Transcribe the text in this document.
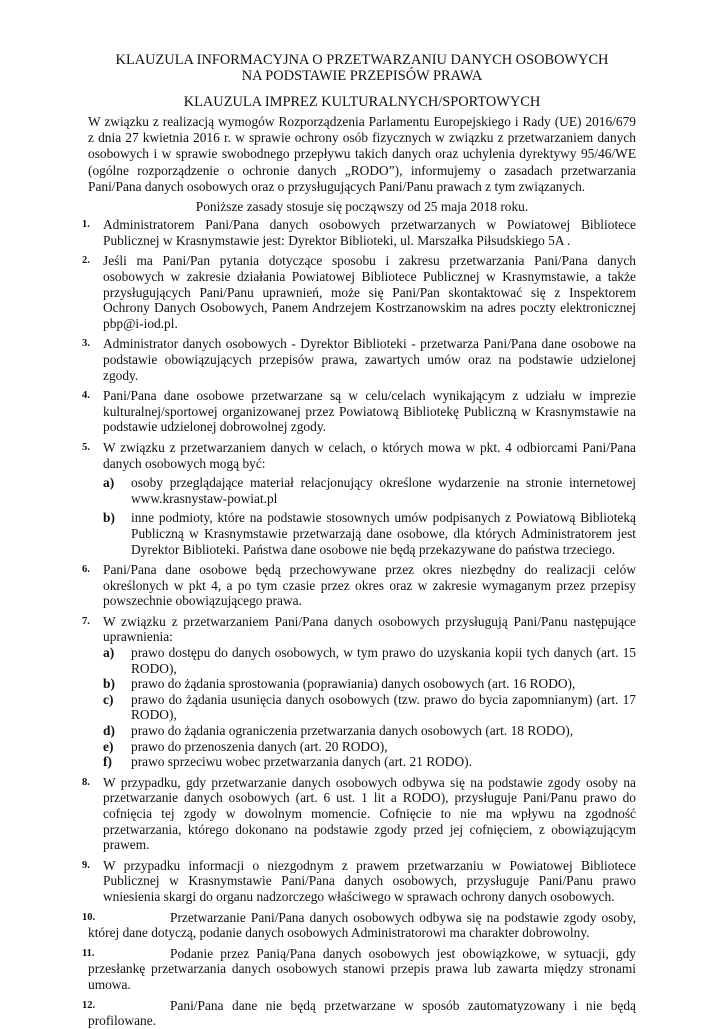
KLAUZULA INFORMACYJNA O PRZETWARZANIU DANYCH OSOBOWYCH
NA PODSTAWIE PRZEPISÓW PRAWA
KLAUZULA IMPREZ KULTURALNYCH/SPORTOWYCH

W związku z realizacją wymogów Rozporządzenia Parlamentu Europejskiego i Rady (UE) 2016/679 z dnia 27 kwietnia 2016 r. w sprawie ochrony osób fizycznych w związku z przetwarzaniem danych osobowych i w sprawie swobodnego przepływu takich danych oraz uchylenia dyrektywy 95/46/WE (ogólne rozporządzenie o ochronie danych „RODO”), informujemy o zasadach przetwarzania Pani/Pana danych osobowych oraz o przysługujących Pani/Panu prawach z tym związanych.

Poniższe zasady stosuje się począwszy od 25 maja 2018 roku.

1. Administratorem Pani/Pana danych osobowych przetwarzanych w Powiatowej Bibliotece Publicznej w Krasnymstawie jest: Dyrektor Biblioteki, ul. Marszałka Piłsudskiego 5A .
2. Jeśli ma Pani/Pan pytania dotyczące sposobu i zakresu przetwarzania Pani/Pana danych osobowych w zakresie działania Powiatowej Bibliotece Publicznej w Krasnymstawie, a także przysługujących Pani/Panu uprawnień, może się Pani/Pan skontaktować się z Inspektorem Ochrony Danych Osobowych, Panem Andrzejem Kostrzanowskim na adres poczty elektronicznej pbp@i-iod.pl.
3. Administrator danych osobowych - Dyrektor Biblioteki - przetwarza Pani/Pana dane osobowe na podstawie obowiązujących przepisów prawa, zawartych umów oraz na podstawie udzielonej zgody.
4. Pani/Pana dane osobowe przetwarzane są w celu/celach wynikającym z udziału w imprezie kulturalnej/sportowej organizowanej przez Powiatową Bibliotekę Publiczną w Krasnymstawie na podstawie udzielonej dobrowolnej zgody.
5. W związku z przetwarzaniem danych w celach, o których mowa w pkt. 4 odbiorcami Pani/Pana danych osobowych mogą być:
a) osoby przeglądające materiał relacjonujący określone wydarzenie na stronie internetowej www.krasnystaw-powiat.pl
b) inne podmioty, które na podstawie stosownych umów podpisanych z Powiatową Biblioteką Publiczną w Krasnymstawie przetwarzają dane osobowe, dla których Administratorem jest Dyrektor Biblioteki. Państwa dane osobowe nie będą przekazywane do państwa trzeciego.
6. Pani/Pana dane osobowe będą przechowywane przez okres niezbędny do realizacji celów określonych w pkt 4, a po tym czasie przez okres oraz w zakresie wymaganym przez przepisy powszechnie obowiązującego prawa.
7. W związku z przetwarzaniem Pani/Pana danych osobowych przysługują Pani/Panu następujące uprawnienia:
a) prawo dostępu do danych osobowych, w tym prawo do uzyskania kopii tych danych (art. 15 RODO),
b) prawo do żądania sprostowania (poprawiania) danych osobowych (art. 16 RODO),
c) prawo do żądania usunięcia danych osobowych (tzw. prawo do bycia zapomnianym) (art. 17 RODO),
d) prawo do żądania ograniczenia przetwarzania danych osobowych (art. 18 RODO),
e) prawo do przenoszenia danych (art. 20 RODO),
f) prawo sprzeciwu wobec przetwarzania danych (art. 21 RODO).
8. W przypadku, gdy przetwarzanie danych osobowych odbywa się na podstawie zgody osoby na przetwarzanie danych osobowych (art. 6 ust. 1 lit a RODO), przysługuje Pani/Panu prawo do cofnięcia tej zgody w dowolnym momencie. Cofnięcie to nie ma wpływu na zgodność przetwarzania, którego dokonano na podstawie zgody przed jej cofnięciem, z obowiązującym prawem.
9. W przypadku informacji o niezgodnym z prawem przetwarzaniu w Powiatowej Bibliotece Publicznej w Krasnymstawie Pani/Pana danych osobowych, przysługuje Pani/Panu prawo wniesienia skargi do organu nadzorczego właściwego w sprawach ochrony danych osobowych.
10.	Przetwarzanie Pani/Pana danych osobowych odbywa się na podstawie zgody osoby, której dane dotyczą, podanie danych osobowych Administratorowi ma charakter dobrowolny.
11.	Podanie przez Panią/Pana danych osobowych jest obowiązkowe, w sytuacji, gdy przesłankę przetwarzania danych osobowych stanowi przepis prawa lub zawarta między stronami umowa.
12.	Pani/Pana dane nie będą przetwarzane w sposób zautomatyzowany i nie będą profilowane.
